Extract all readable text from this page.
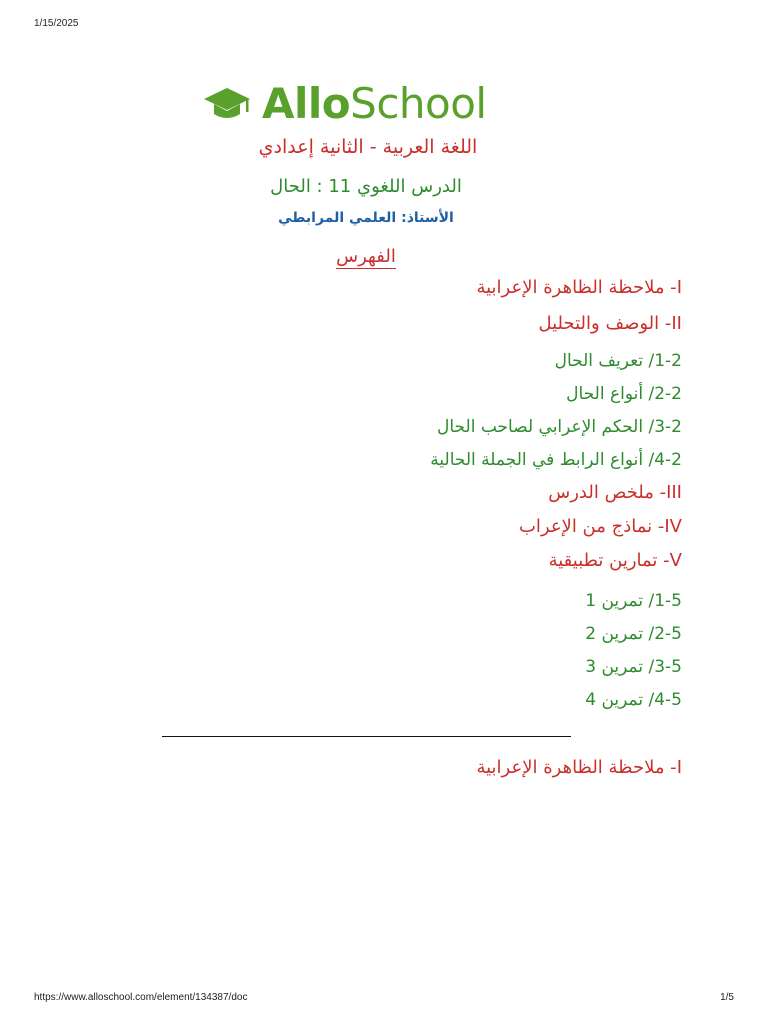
1/15/2025
AlloSchool
اللغة العربية - الثانية إعدادي
الدرس اللغوي 11 : الحال
الأستاذ: العلمي المرابطي
الفهرس
I- ملاحظة الظاهرة الإعرابية
II- الوصف والتحليل
1-2/ تعريف الحال
2-2/ أنواع الحال
3-2/ الحكم الإعرابي لصاحب الحال
4-2/ أنواع الرابط في الجملة الحالية
III- ملخص الدرس
IV- نماذج من الإعراب
V- تمارين تطبيقية
1-5/ تمرين 1
2-5/ تمرين 2
3-5/ تمرين 3
4-5/ تمرين 4
I- ملاحظة الظاهرة الإعرابية
https://www.alloschool.com/element/134387/doc	1/5
